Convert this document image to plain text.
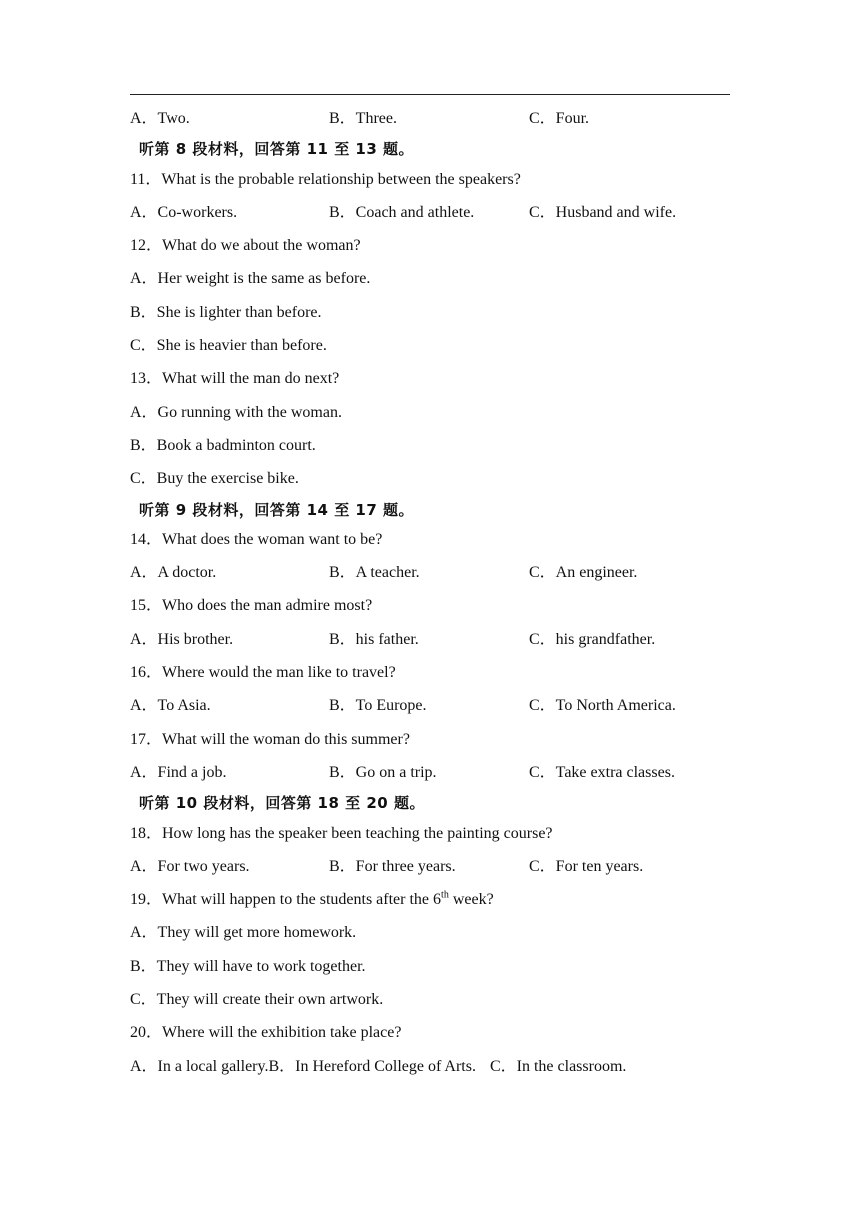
A．Two.	B．Three.	C．Four.
听第 8 段材料，回答第 11 至 13 题。
11．What is the probable relationship between the speakers?
A．Co-workers.	B．Coach and athlete.	C．Husband and wife.
12．What do we about the woman?
A．Her weight is the same as before.
B．She is lighter than before.
C．She is heavier than before.
13．What will the man do next?
A．Go running with the woman.
B．Book a badminton court.
C．Buy the exercise bike.
听第 9 段材料，回答第 14 至 17 题。
14．What does the woman want to be?
A．A doctor.	B．A teacher.	C．An engineer.
15．Who does the man admire most?
A．His brother.	B．his father.	C．his grandfather.
16．Where would the man like to travel?
A．To Asia.	B．To Europe.	C．To North America.
17．What will the woman do this summer?
A．Find a job.	B．Go on a trip.	C．Take extra classes.
听第 10 段材料，回答第 18 至 20 题。
18．How long has the speaker been teaching the painting course?
A．For two years.	B．For three years.	C．For ten years.
19．What will happen to the students after the 6th week?
A．They will get more homework.
B．They will have to work together.
C．They will create their own artwork.
20．Where will the exhibition take place?
A．In a local gallery.B．In Hereford College of Arts. C．In the classroom.
